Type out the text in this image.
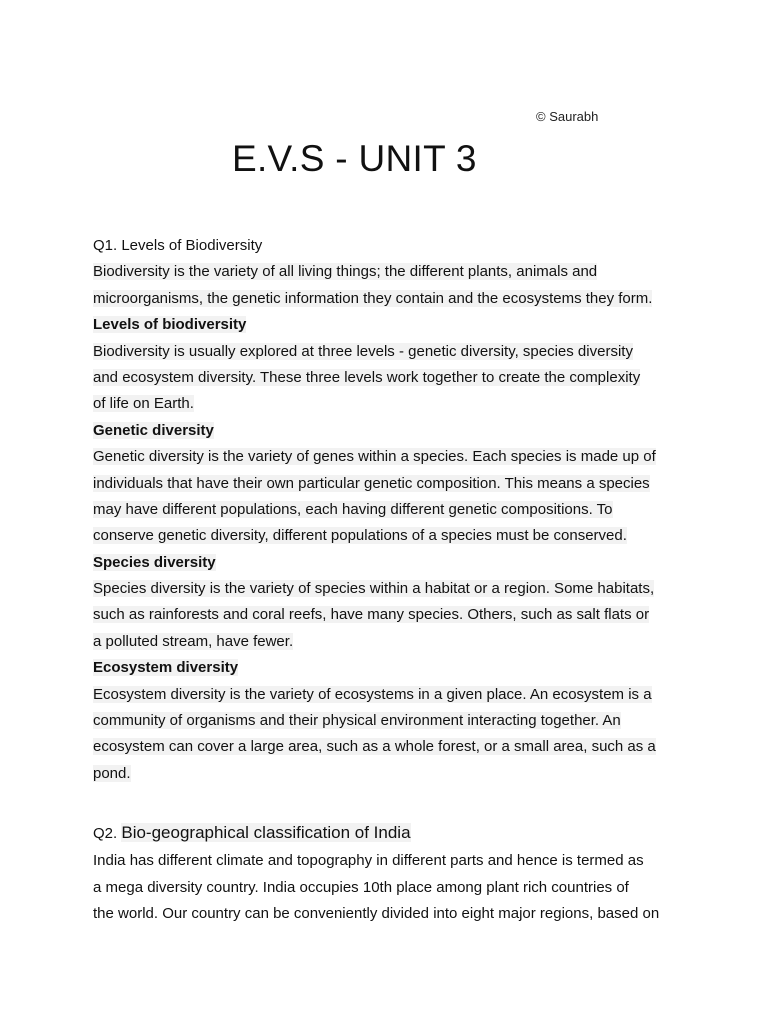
© Saurabh
E.V.S - UNIT 3
Q1. Levels of Biodiversity
Biodiversity is the variety of all living things; the different plants, animals and
microorganisms, the genetic information they contain and the ecosystems they form.
Levels of biodiversity
Biodiversity is usually explored at three levels - genetic diversity, species diversity
and ecosystem diversity. These three levels work together to create the complexity
of life on Earth.
Genetic diversity
Genetic diversity is the variety of genes within a species. Each species is made up of
individuals that have their own particular genetic composition. This means a species
may have different populations, each having different genetic compositions. To
conserve genetic diversity, different populations of a species must be conserved.
Species diversity
Species diversity is the variety of species within a habitat or a region. Some habitats,
such as rainforests and coral reefs, have many species. Others, such as salt flats or
a polluted stream, have fewer.
Ecosystem diversity
Ecosystem diversity is the variety of ecosystems in a given place. An ecosystem is a
community of organisms and their physical environment interacting together. An
ecosystem can cover a large area, such as a whole forest, or a small area, such as a
pond.
Q2. Bio-geographical classification of India
India has different climate and topography in different parts and hence is termed as
a mega diversity country. India occupies 10th place among plant rich countries of
the world. Our country can be conveniently divided into eight major regions, based on
